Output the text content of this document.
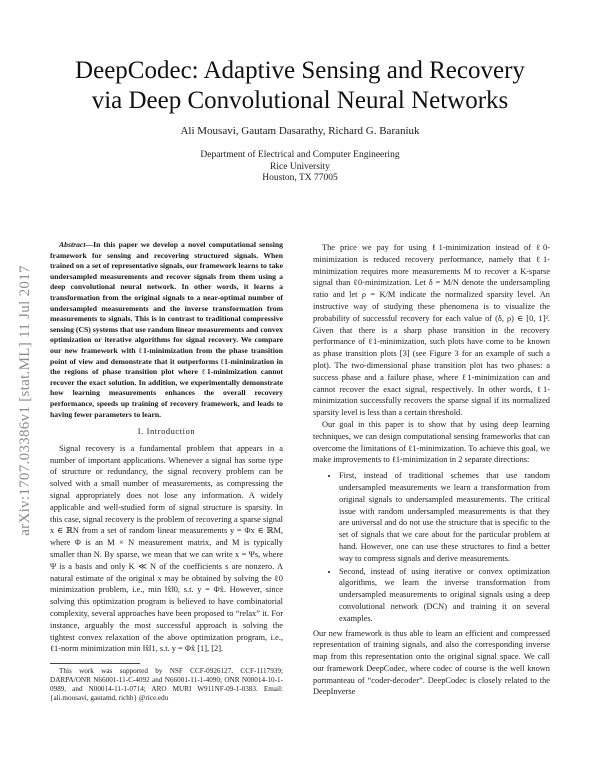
arXiv:1707.03386v1 [stat.ML] 11 Jul 2017
DeepCodec: Adaptive Sensing and Recovery
via Deep Convolutional Neural Networks
Ali Mousavi, Gautam Dasarathy, Richard G. Baraniuk
Department of Electrical and Computer Engineering
Rice University
Houston, TX 77005

Abstract—In this paper we develop a novel computational sensing framework for sensing and recovering structured signals. When trained on a set of representative signals, our framework learns to take undersampled measurements and recover signals from them using a deep convolutional neural network. In other words, it learns a transformation from the original signals to a near-optimal number of undersampled measurements and the inverse transformation from measurements to signals. This is in contrast to traditional compressive sensing (CS) systems that use random linear measurements and convex optimization or iterative algorithms for signal recovery. We compare our new framework with ℓ1-minimization from the phase transition point of view and demonstrate that it outperforms ℓ1-minimization in the regions of phase transition plot where ℓ1-minimization cannot recover the exact solution. In addition, we experimentally demonstrate how learning measurements enhances the overall recovery performance, speeds up training of recovery framework, and leads to having fewer parameters to learn.

I. Introduction

Signal recovery is a fundamental problem that appears in a number of important applications. Whenever a signal has some type of structure or redundancy, the signal recovery problem can be solved with a small number of measurements, as compressing the signal appropriately does not lose any information. A widely applicable and well-studied form of signal structure is sparsity. In this case, signal recovery is the problem of recovering a sparse signal x ∈ ℝN from a set of random linear measurements y = Φx ∈ ℝM, where Φ is an M × N measurement matrix, and M is typically smaller than N. By sparse, we mean that we can write x = Ψs, where Ψ is a basis and only K ≪ N of the coefficients s are nonzero. A natural estimate of the original x may be obtained by solving the ℓ0 minimization problem, i.e., min ‖x̂‖0, s.t. y = Φx̂. However, since solving this optimization program is believed to have combinatorial complexity, several approaches have been proposed to “relax” it. For instance, arguably the most successful approach is solving the tightest convex relaxation of the above optimization program, i.e., ℓ1-norm minimization min ‖x̂‖1, s.t. y = Φx̂ [1], [2].

This work was supported by NSF CCF-0926127, CCF-1117939; DARPA/ONR N66001-11-C-4092 and N66001-11-1-4090; ONR N00014-10-1-0989, and N00014-11-1-0714; ARO MURI W911NF-09-1-0383. Email: {ali.mousavi, gautamd, richb} @rice.edu

The price we pay for using ℓ1-minimization instead of ℓ0-minimization is reduced recovery performance, namely that ℓ1-minimization requires more measurements M to recover a K-sparse signal than ℓ0-minimization. Let δ = M/N denote the undersampling ratio and let ρ = K/M indicate the normalized sparsity level. An instructive way of studying these phenomena is to visualize the probability of successful recovery for each value of (δ, ρ) ∈ [0, 1]². Given that there is a sharp phase transition in the recovery performance of ℓ1-minimization, such plots have come to be known as phase transition plots [3] (see Figure 3 for an example of such a plot). The two-dimensional phase transition plot has two phases: a success phase and a failure phase, where ℓ1-minimization can and cannot recover the exact signal, respectively. In other words, ℓ1-minimization successfully recovers the sparse signal if its normalized sparsity level is less than a certain threshold.

Our goal in this paper is to show that by using deep learning techniques, we can design computational sensing frameworks that can overcome the limitations of ℓ1-minimization. To achieve this goal, we make improvements to ℓ1-minimization in 2 separate directions:

• First, instead of traditional schemes that use random undersampled measurements we learn a transformation from original signals to undersampled measurements. The critical issue with random undersampled measurements is that they are universal and do not use the structure that is specific to the set of signals that we care about for the particular problem at hand. However, one can use these structures to find a better way to compress signals and derive measurements.
• Second, instead of using iterative or convex optimization algorithms, we learn the inverse transformation from undersampled measurements to original signals using a deep convolutional network (DCN) and training it on several examples.

Our new framework is thus able to learn an efficient and compressed representation of training signals, and also the corresponding inverse map from this representation onto the original signal space. We call our framework DeepCodec, where codec of course is the well known portmanteau of “coder-decoder”. DeepCodec is closely related to the DeepInverse
